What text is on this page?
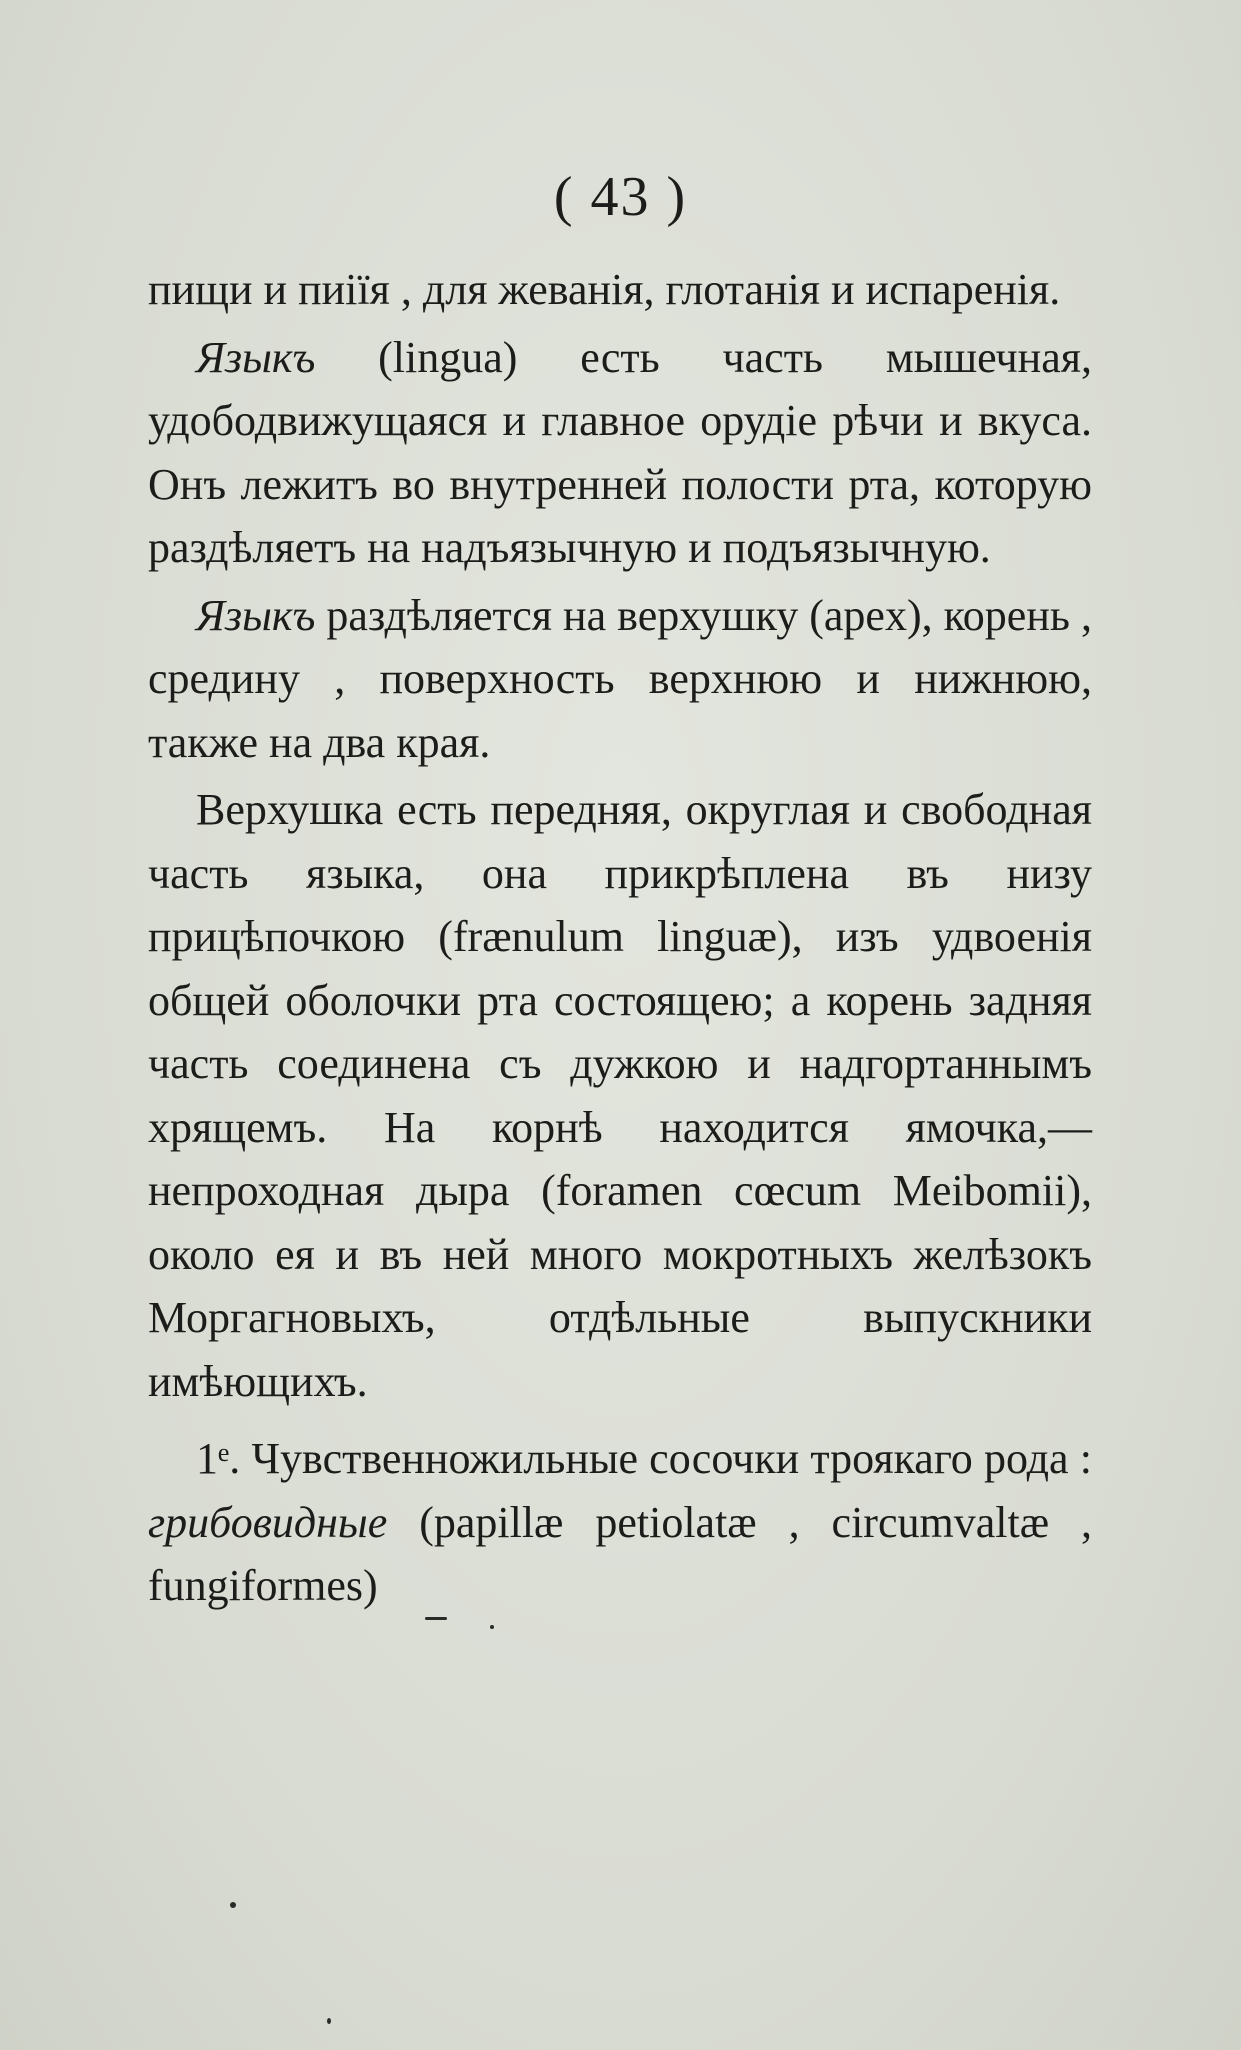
( 43 )

пищи и пиіїя , для жеванія, глотанія и испаренія.

Языкъ (lingua) есть часть мышечная, удободвижущаяся и главное орудіе рѣчи и вкуса. Онъ лежитъ во внутренней полости рта, которую раздѣляетъ на надъязычную и подъязычную.

Языкъ раздѣляется на верхушку (apex), корень , средину , поверхность верхнюю и нижнюю, также на два края.

Верхушка есть передняя, округлая и свободная часть языка, она прикрѣплена въ низу прицѣпочкою (frænulum linguæ), изъ удвоенія общей оболочки рта состоящею; а корень задняя часть соединена съ дужкою и надгортаннымъ хрящемъ. На корнѣ находится ямочка,— непроходная дыра (foramen cœcum Meibomii), около ея и въ ней много мокротныхъ желѣзокъ Моргагновыхъ, отдѣльные выпускники имѣющихъ.

1ᵉ. Чувственножильные сосочки троякаго рода : грибовидные (papillæ petiolatæ , circumvaltæ , fungiformes)
